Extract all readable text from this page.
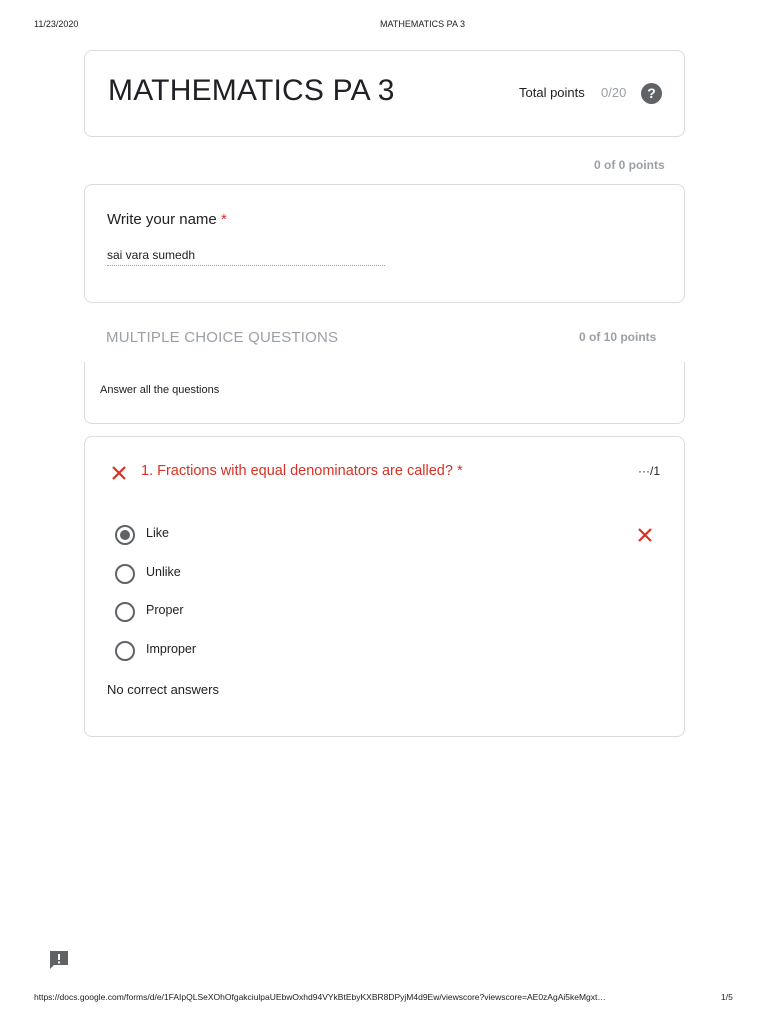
11/23/2020	MATHEMATICS PA 3
MATHEMATICS PA 3	Total points 0/20	?
0 of 0 points
Write your name *
sai vara sumedh
MULTIPLE CHOICE QUESTIONS	0 of 10 points
Answer all the questions
1. Fractions with equal denominators are called? *	···/1
Like
Unlike
Proper
Improper
No correct answers
https://docs.google.com/forms/d/e/1FAIpQLSeXOhOfgakciulpaUEbwOxhd94VYkBtEbyKXBR8DPyjM4d9Ew/viewscore?viewscore=AE0zAgAi5keMgxt…	1/5
